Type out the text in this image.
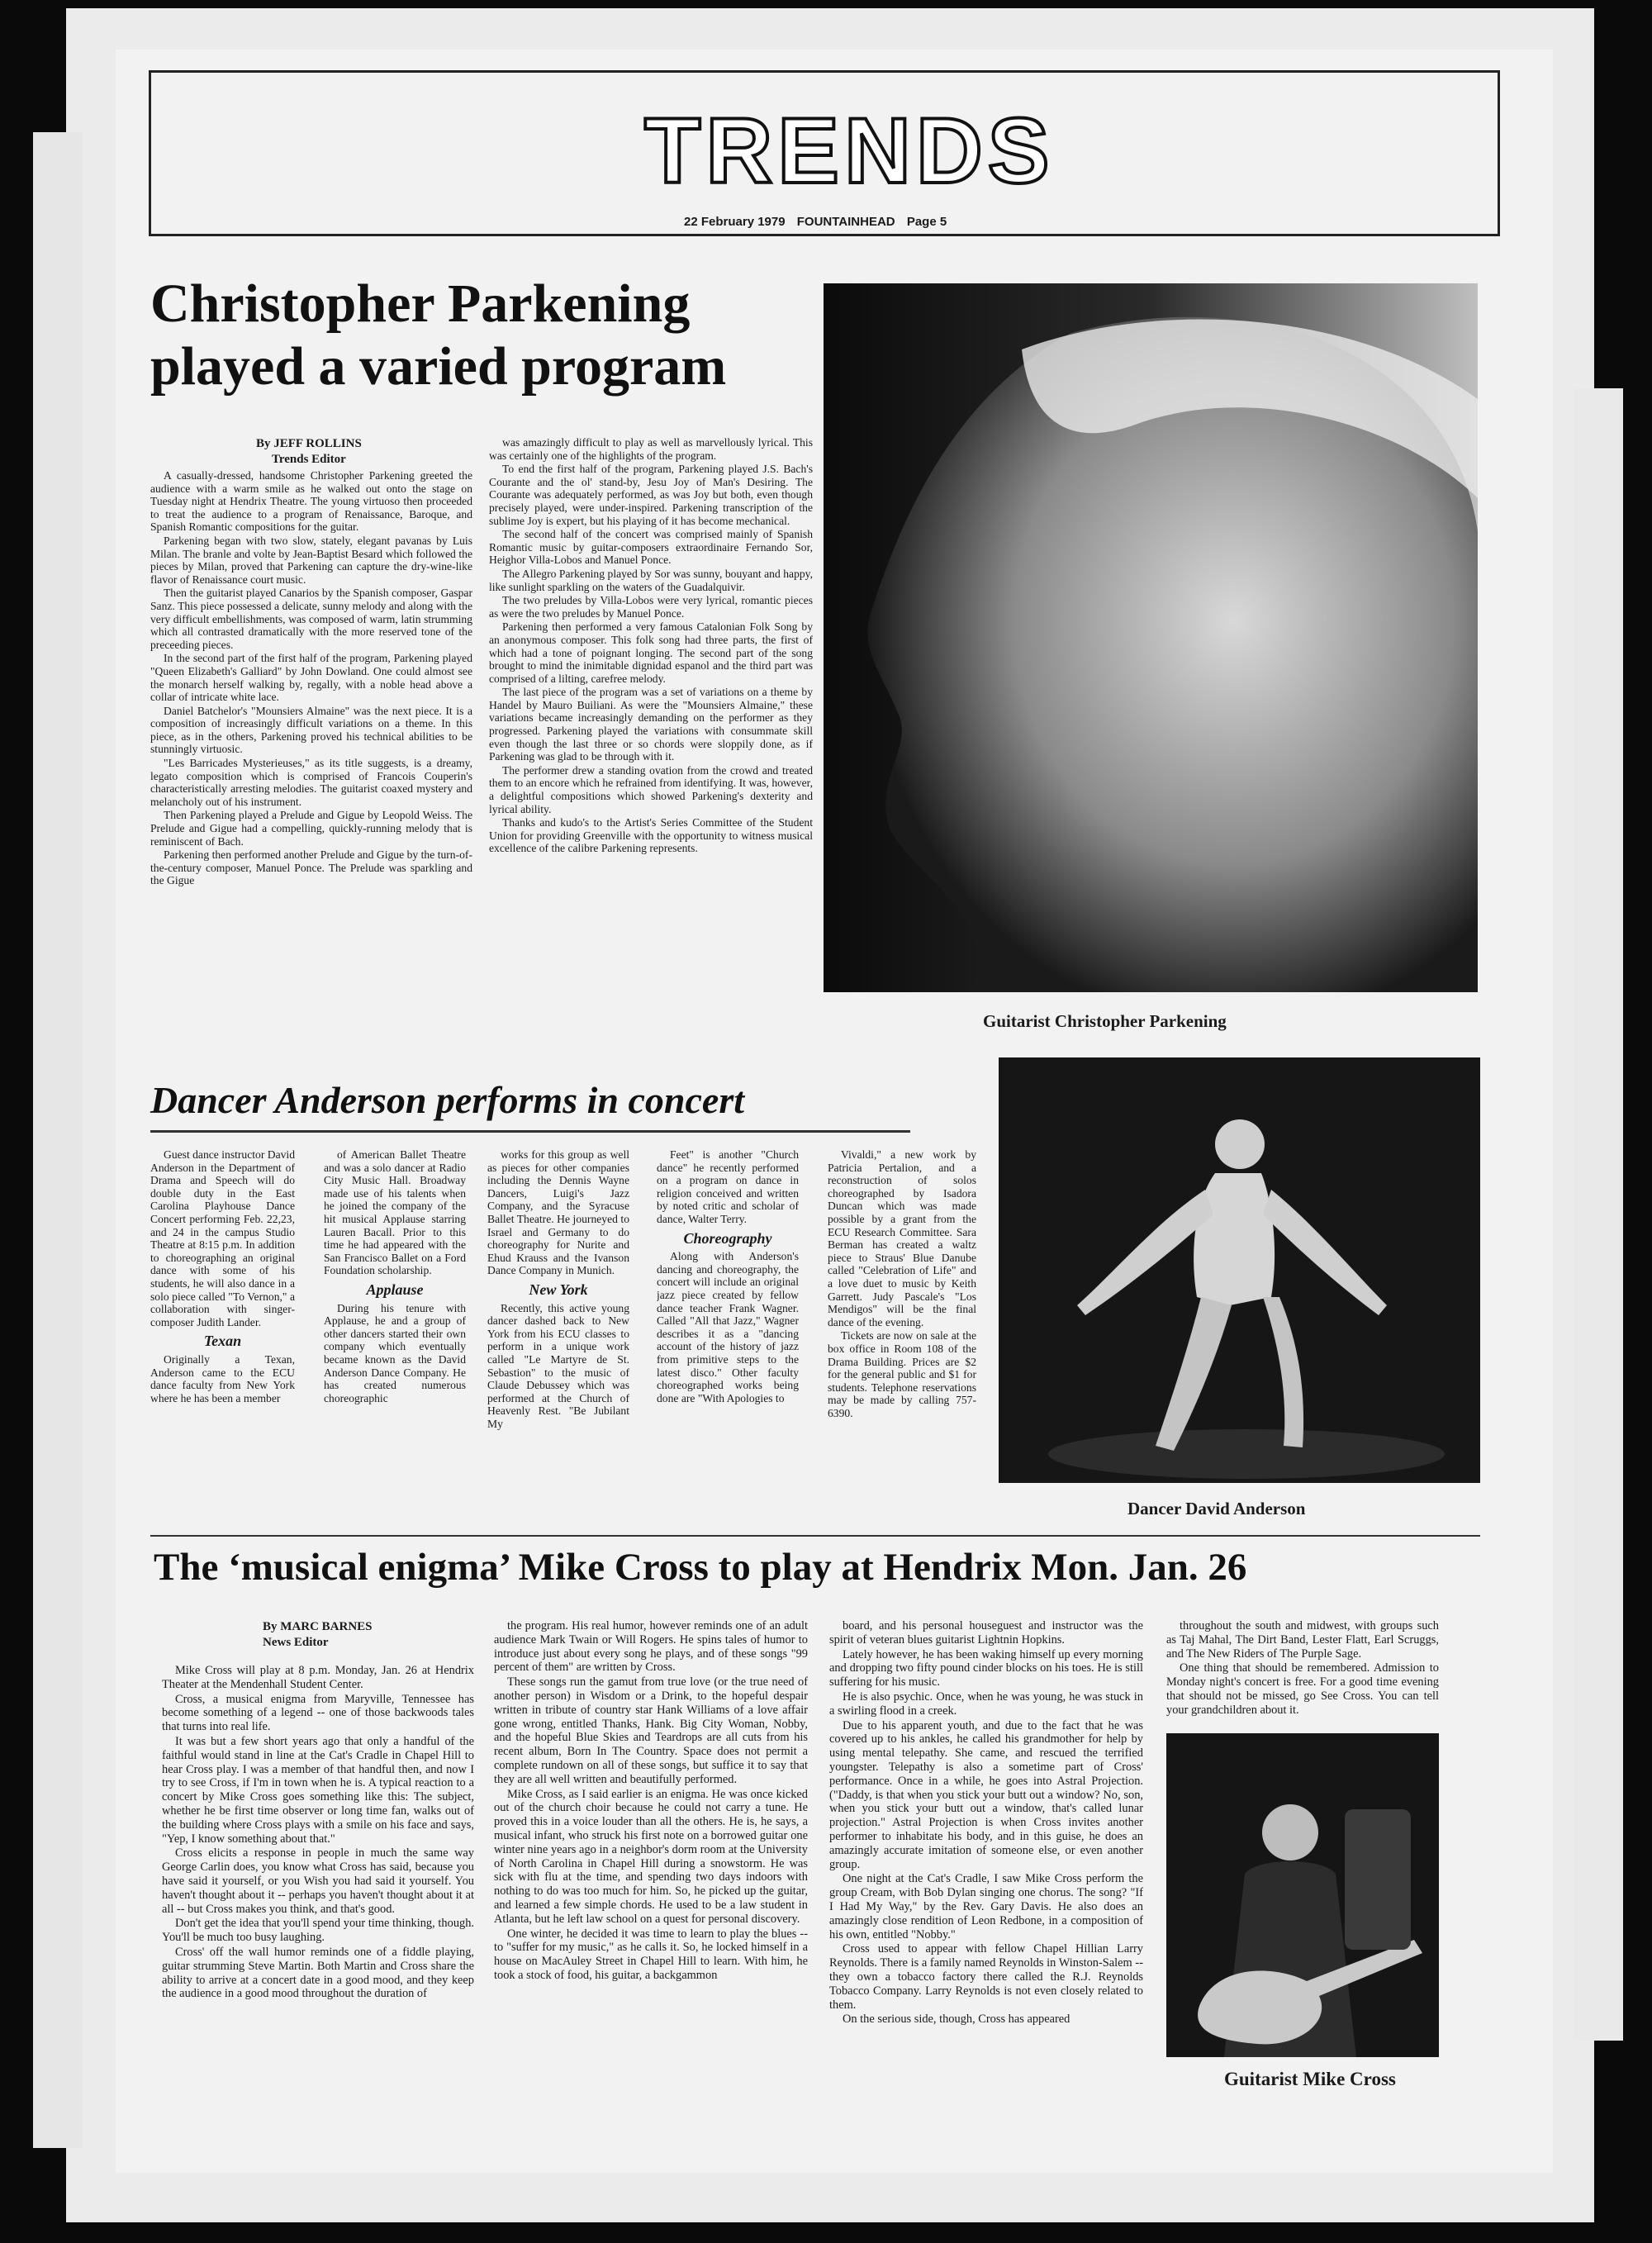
TRENDS
22 February 1979 FOUNTAINHEAD Page 5
Christopher Parkening
played a varied program
By JEFF ROLLINS
Trends Editor

A casually-dressed, handsome Christopher Parkening greeted the audience with a warm smile as he walked out onto the stage on Tuesday night at Hendrix Theatre. The young virtuoso then proceeded to treat the audience to a program of Renaissance, Baroque, and Spanish Romantic compositions for the guitar.

Parkening began with two slow, stately, elegant pavanas by Luis Milan. The branle and volte by Jean-Baptist Besard which followed the pieces by Milan, proved that Parkening can capture the dry-wine-like flavor of Renaissance court music.

Then the guitarist played Canarios by the Spanish composer, Gaspar Sanz. This piece possessed a delicate, sunny melody and along with the very difficult embellishments, was composed of warm, latin strumming which all contrasted dramatically with the more reserved tone of the preceeding pieces.

In the second part of the first half of the program, Parkening played "Queen Elizabeth's Galliard" by John Dowland. One could almost see the monarch herself walking by, regally, with a noble head above a collar of intricate white lace.

Daniel Batchelor's "Mounsiers Almaine" was the next piece. It is a composition of increasingly difficult variations on a theme. In this piece, as in the others, Parkening proved his technical abilities to be stunningly virtuosic.

"Les Barricades Mysterieuses," as its title suggests, is a dreamy, legato composition which is comprised of Francois Couperin's characteristically arresting melodies. The guitarist coaxed mystery and melancholy out of his instrument.

Then Parkening played a Prelude and Gigue by Leopold Weiss. The Prelude and Gigue had a compelling, quickly-running melody that is reminiscent of Bach.

Parkening then performed another Prelude and Gigue by the turn-of-the-century composer, Manuel Ponce. The Prelude was sparkling and the Gigue

was amazingly difficult to play as well as marvellously lyrical. This was certainly one of the highlights of the program.

To end the first half of the program, Parkening played J.S. Bach's Courante and the ol' stand-by, Jesu Joy of Man's Desiring. The Courante was adequately performed, as was Joy but both, even though precisely played, were under-inspired. Parkening transcription of the sublime Joy is expert, but his playing of it has become mechanical.

The second half of the concert was comprised mainly of Spanish Romantic music by guitar-composers extraordinaire Fernando Sor, Heighor Villa-Lobos and Manuel Ponce.

The Allegro Parkening played by Sor was sunny, bouyant and happy, like sunlight sparkling on the waters of the Guadalquivir.

The two preludes by Villa-Lobos were very lyrical, romantic pieces as were the two preludes by Manuel Ponce.

Parkening then performed a very famous Catalonian Folk Song by an anonymous composer. This folk song had three parts, the first of which had a tone of poignant longing. The second part of the song brought to mind the inimitable dignidad espanol and the third part was comprised of a lilting, carefree melody.

The last piece of the program was a set of variations on a theme by Handel by Mauro Builiani. As were the "Mounsiers Almaine," these variations became increasingly demanding on the performer as they progressed. Parkening played the variations with consummate skill even though the last three or so chords were sloppily done, as if Parkening was glad to be through with it.

The performer drew a standing ovation from the crowd and treated them to an encore which he refrained from identifying. It was, however, a delightful compositions which showed Parkening's dexterity and lyrical ability.

Thanks and kudo's to the Artist's Series Committee of the Student Union for providing Greenville with the opportunity to witness musical excellence of the calibre Parkening represents.

Guitarist Christopher Parkening
Dancer Anderson performs in concert

Guest dance instructor David Anderson in the Department of Drama and Speech will do double duty in the East Carolina Playhouse Dance Concert performing Feb. 22,23, and 24 in the campus Studio Theatre at 8:15 p.m. In addition to choreographing an original dance with some of his students, he will also dance in a solo piece called "To Vernon," a collaboration with singer-composer Judith Lander.

Texan

Originally a Texan, Anderson came to the ECU dance faculty from New York where he has been a member

of American Ballet Theatre and was a solo dancer at Radio City Music Hall. Broadway made use of his talents when he joined the company of the hit musical Applause starring Lauren Bacall. Prior to this time he had appeared with the San Francisco Ballet on a Ford Foundation scholarship.

Applause

During his tenure with Applause, he and a group of other dancers started their own company which eventually became known as the David Anderson Dance Company. He has created numerous choreographic

works for this group as well as pieces for other companies including the Dennis Wayne Dancers, Luigi's Jazz Company, and the Syracuse Ballet Theatre. He journeyed to Israel and Germany to do choreography for Nurite and Ehud Krauss and the Ivanson Dance Company in Munich.

New York

Recently, this active young dancer dashed back to New York from his ECU classes to perform in a unique work called "Le Martyre de St. Sebastion" to the music of Claude Debussey which was performed at the Church of Heavenly Rest. "Be Jubilant My

Feet" is another "Church dance" he recently performed on a program on dance in religion conceived and written by noted critic and scholar of dance, Walter Terry.

Choreography

Along with Anderson's dancing and choreography, the concert will include an original jazz piece created by fellow dance teacher Frank Wagner. Called "All that Jazz," Wagner describes it as a "dancing account of the history of jazz from primitive steps to the latest disco." Other faculty choreographed works being done are "With Apologies to

Vivaldi," a new work by Patricia Pertalion, and a reconstruction of solos choreographed by Isadora Duncan which was made possible by a grant from the ECU Research Committee. Sara Berman has created a waltz piece to Straus' Blue Danube called "Celebration of Life" and a love duet to music by Keith Garrett. Judy Pascale's "Los Mendigos" will be the final dance of the evening.

Tickets are now on sale at the box office in Room 108 of the Drama Building. Prices are $2 for the general public and $1 for students. Telephone reservations may be made by calling 757-6390.

Dancer David Anderson
The ‘musical enigma’ Mike Cross to play at Hendrix Mon. Jan. 26
By MARC BARNES
News Editor

Mike Cross will play at 8 p.m. Monday, Jan. 26 at Hendrix Theater at the Mendenhall Student Center.

Cross, a musical enigma from Maryville, Tennessee has become something of a legend -- one of those backwoods tales that turns into real life.

It was but a few short years ago that only a handful of the faithful would stand in line at the Cat's Cradle in Chapel Hill to hear Cross play. I was a member of that handful then, and now I try to see Cross, if I'm in town when he is. A typical reaction to a concert by Mike Cross goes something like this: The subject, whether he be first time observer or long time fan, walks out of the building where Cross plays with a smile on his face and says, "Yep, I know something about that."

Cross elicits a response in people in much the same way George Carlin does, you know what Cross has said, because you have said it yourself, or you Wish you had said it yourself. You haven't thought about it -- perhaps you haven't thought about it at all -- but Cross makes you think, and that's good.

Don't get the idea that you'll spend your time thinking, though. You'll be much too busy laughing.

Cross' off the wall humor reminds one of a fiddle playing, guitar strumming Steve Martin. Both Martin and Cross share the ability to arrive at a concert date in a good mood, and they keep the audience in a good mood throughout the duration of

the program. His real humor, however reminds one of an adult audience Mark Twain or Will Rogers. He spins tales of humor to introduce just about every song he plays, and of these songs "99 percent of them" are written by Cross.

These songs run the gamut from true love (or the true need of another person) in Wisdom or a Drink, to the hopeful despair written in tribute of country star Hank Williams of a love affair gone wrong, entitled Thanks, Hank. Big City Woman, Nobby, and the hopeful Blue Skies and Teardrops are all cuts from his recent album, Born In The Country. Space does not permit a complete rundown on all of these songs, but suffice it to say that they are all well written and beautifully performed.

Mike Cross, as I said earlier is an enigma. He was once kicked out of the church choir because he could not carry a tune. He proved this in a voice louder than all the others. He is, he says, a musical infant, who struck his first note on a borrowed guitar one winter nine years ago in a neighbor's dorm room at the University of North Carolina in Chapel Hill during a snowstorm. He was sick with flu at the time, and spending two days indoors with nothing to do was too much for him. So, he picked up the guitar, and learned a few simple chords. He used to be a law student in Atlanta, but he left law school on a quest for personal discovery.

One winter, he decided it was time to learn to play the blues -- to "suffer for my music," as he calls it. So, he locked himself in a house on MacAuley Street in Chapel Hill to learn. With him, he took a stock of food, his guitar, a backgammon

board, and his personal houseguest and instructor was the spirit of veteran blues guitarist Lightnin Hopkins.

Lately however, he has been waking himself up every morning and dropping two fifty pound cinder blocks on his toes. He is still suffering for his music.

He is also psychic. Once, when he was young, he was stuck in a swirling flood in a creek.

Due to his apparent youth, and due to the fact that he was covered up to his ankles, he called his grandmother for help by using mental telepathy. She came, and rescued the terrified youngster. Telepathy is also a sometime part of Cross' performance. Once in a while, he goes into Astral Projection. ("Daddy, is that when you stick your butt out a window? No, son, when you stick your butt out a window, that's called lunar projection." Astral Projection is when Cross invites another performer to inhabitate his body, and in this guise, he does an amazingly accurate imitation of someone else, or even another group.

One night at the Cat's Cradle, I saw Mike Cross perform the group Cream, with Bob Dylan singing one chorus. The song? "If I Had My Way," by the Rev. Gary Davis. He also does an amazingly close rendition of Leon Redbone, in a composition of his own, entitled "Nobby."

Cross used to appear with fellow Chapel Hillian Larry Reynolds. There is a family named Reynolds in Winston-Salem -- they own a tobacco factory there called the R.J. Reynolds Tobacco Company. Larry Reynolds is not even closely related to them.

On the serious side, though, Cross has appeared

throughout the south and midwest, with groups such as Taj Mahal, The Dirt Band, Lester Flatt, Earl Scruggs, and The New Riders of The Purple Sage.

One thing that should be remembered. Admission to Monday night's concert is free. For a good time evening that should not be missed, go See Cross. You can tell your grandchildren about it.

Guitarist Mike Cross
